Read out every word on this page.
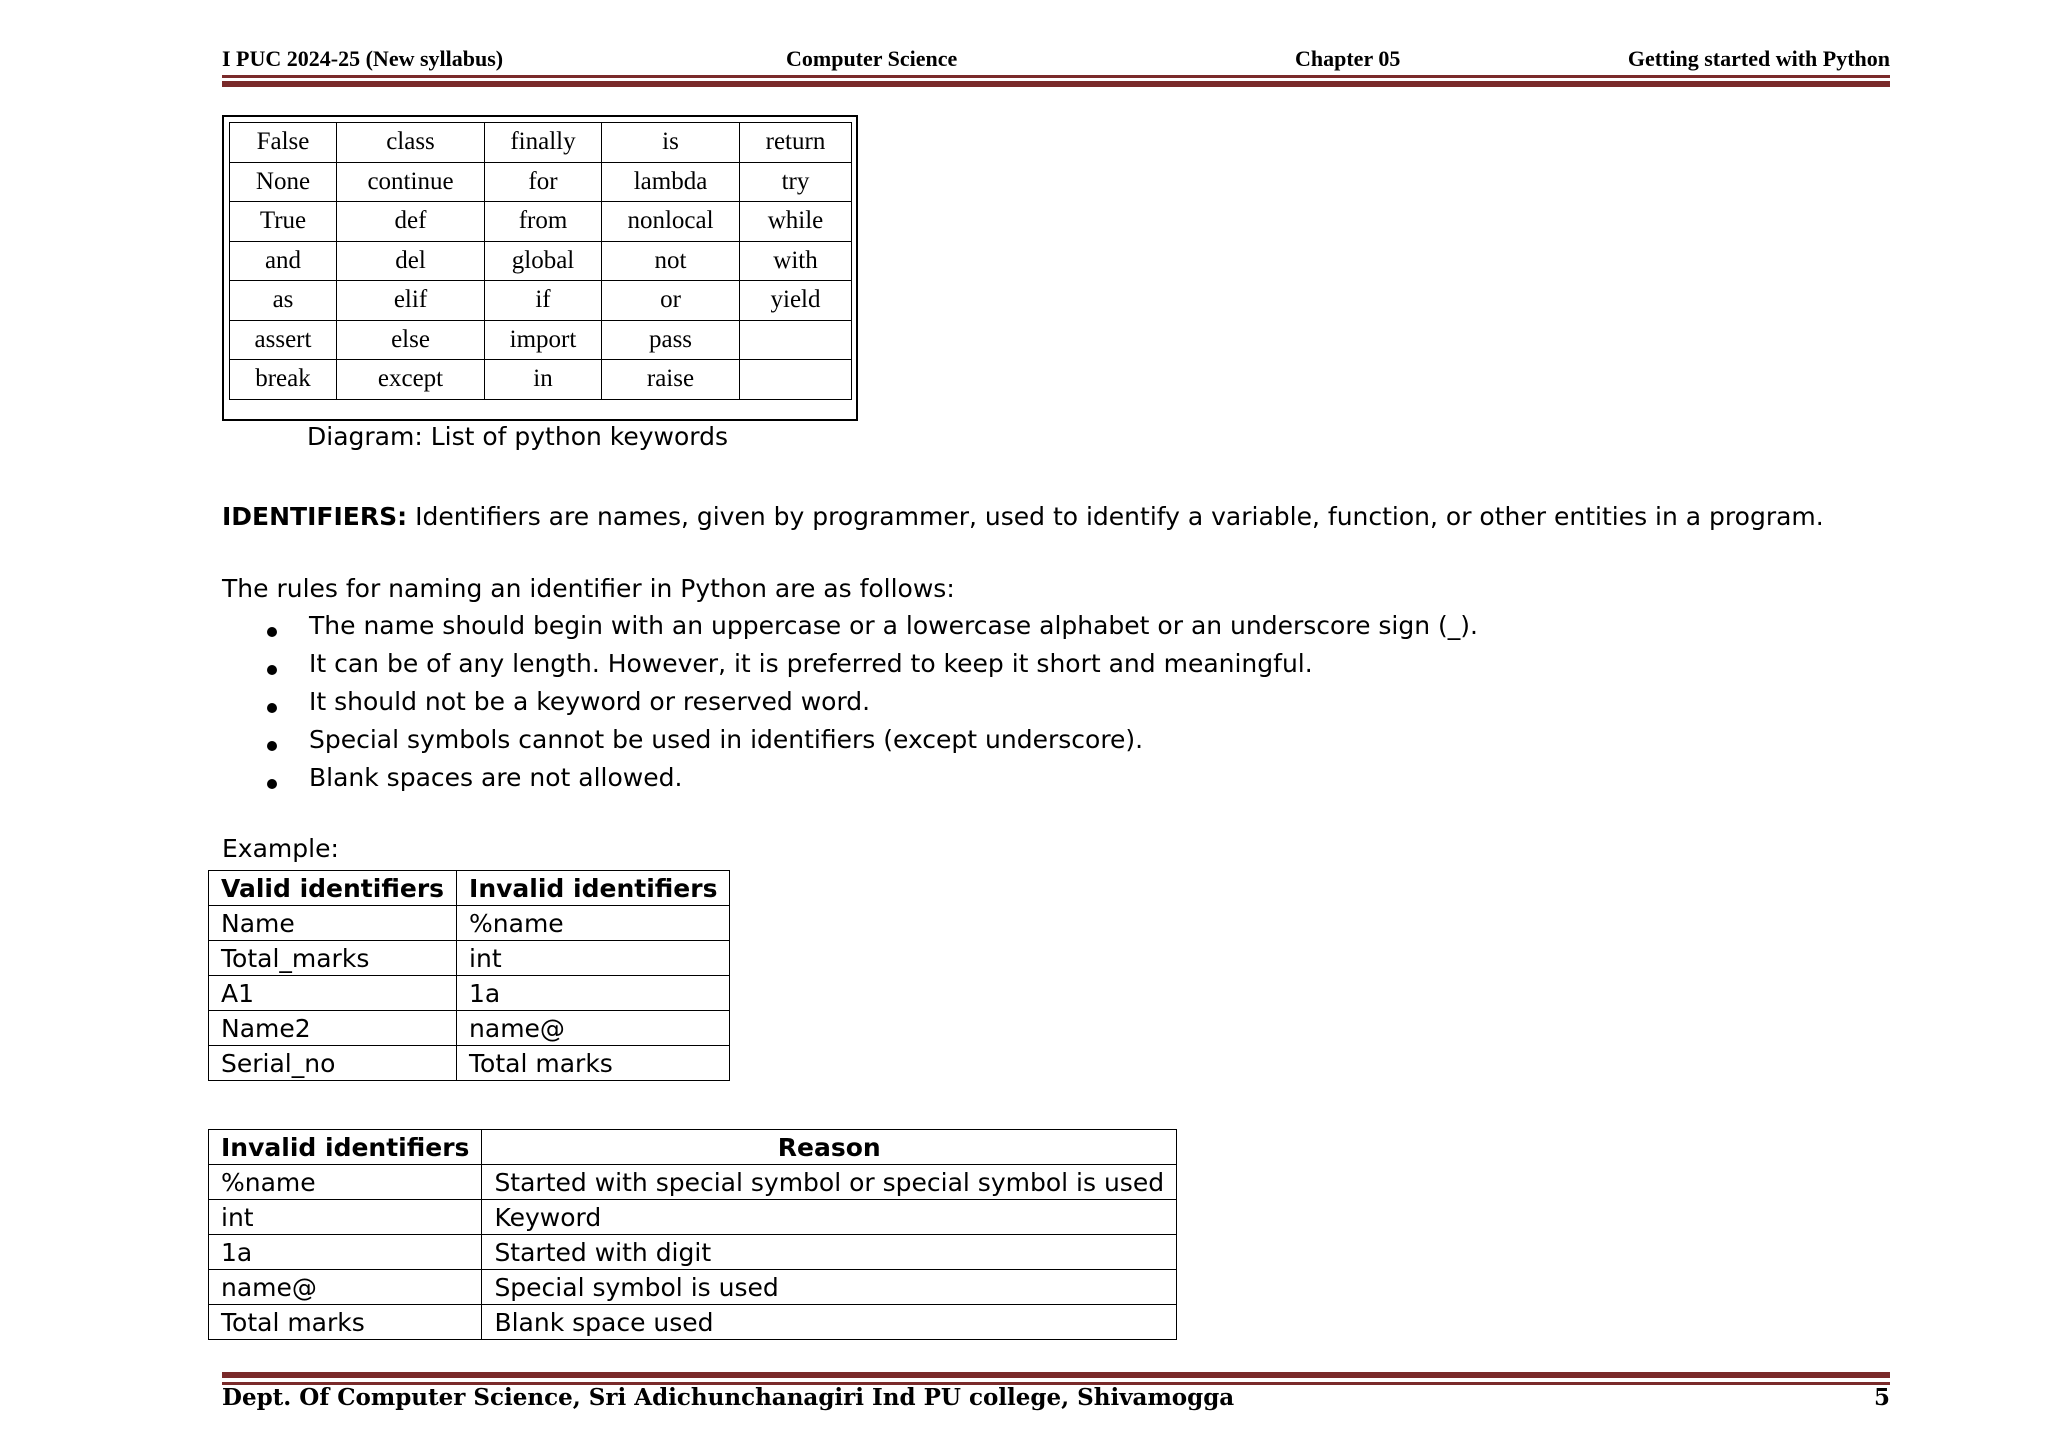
I PUC 2024-25 (New syllabus)	Computer Science	Chapter 05	Getting started with Python
False	class	finally	is	return
None	continue	for	lambda	try
True	def	from	nonlocal	while
and	del	global	not	with
as	elif	if	or	yield
assert	else	import	pass	
break	except	in	raise	
Diagram: List of python keywords
IDENTIFIERS: Identifiers are names, given by programmer, used to identify a variable, function, or other entities in a program.
The rules for naming an identifier in Python are as follows:
The name should begin with an uppercase or a lowercase alphabet or an underscore sign (_).
It can be of any length. However, it is preferred to keep it short and meaningful.
It should not be a keyword or reserved word.
Special symbols cannot be used in identifiers (except underscore).
Blank spaces are not allowed.
Example:
Valid identifiers	Invalid identifiers
Name	%name
Total_marks	int
A1	1a
Name2	name@
Serial_no	Total marks
Invalid identifiers	Reason
%name	Started with special symbol or special symbol is used
int	Keyword
1a	Started with digit
name@	Special symbol is used
Total marks	Blank space used
Dept. Of Computer Science, Sri Adichunchanagiri Ind PU college, Shivamogga	5
